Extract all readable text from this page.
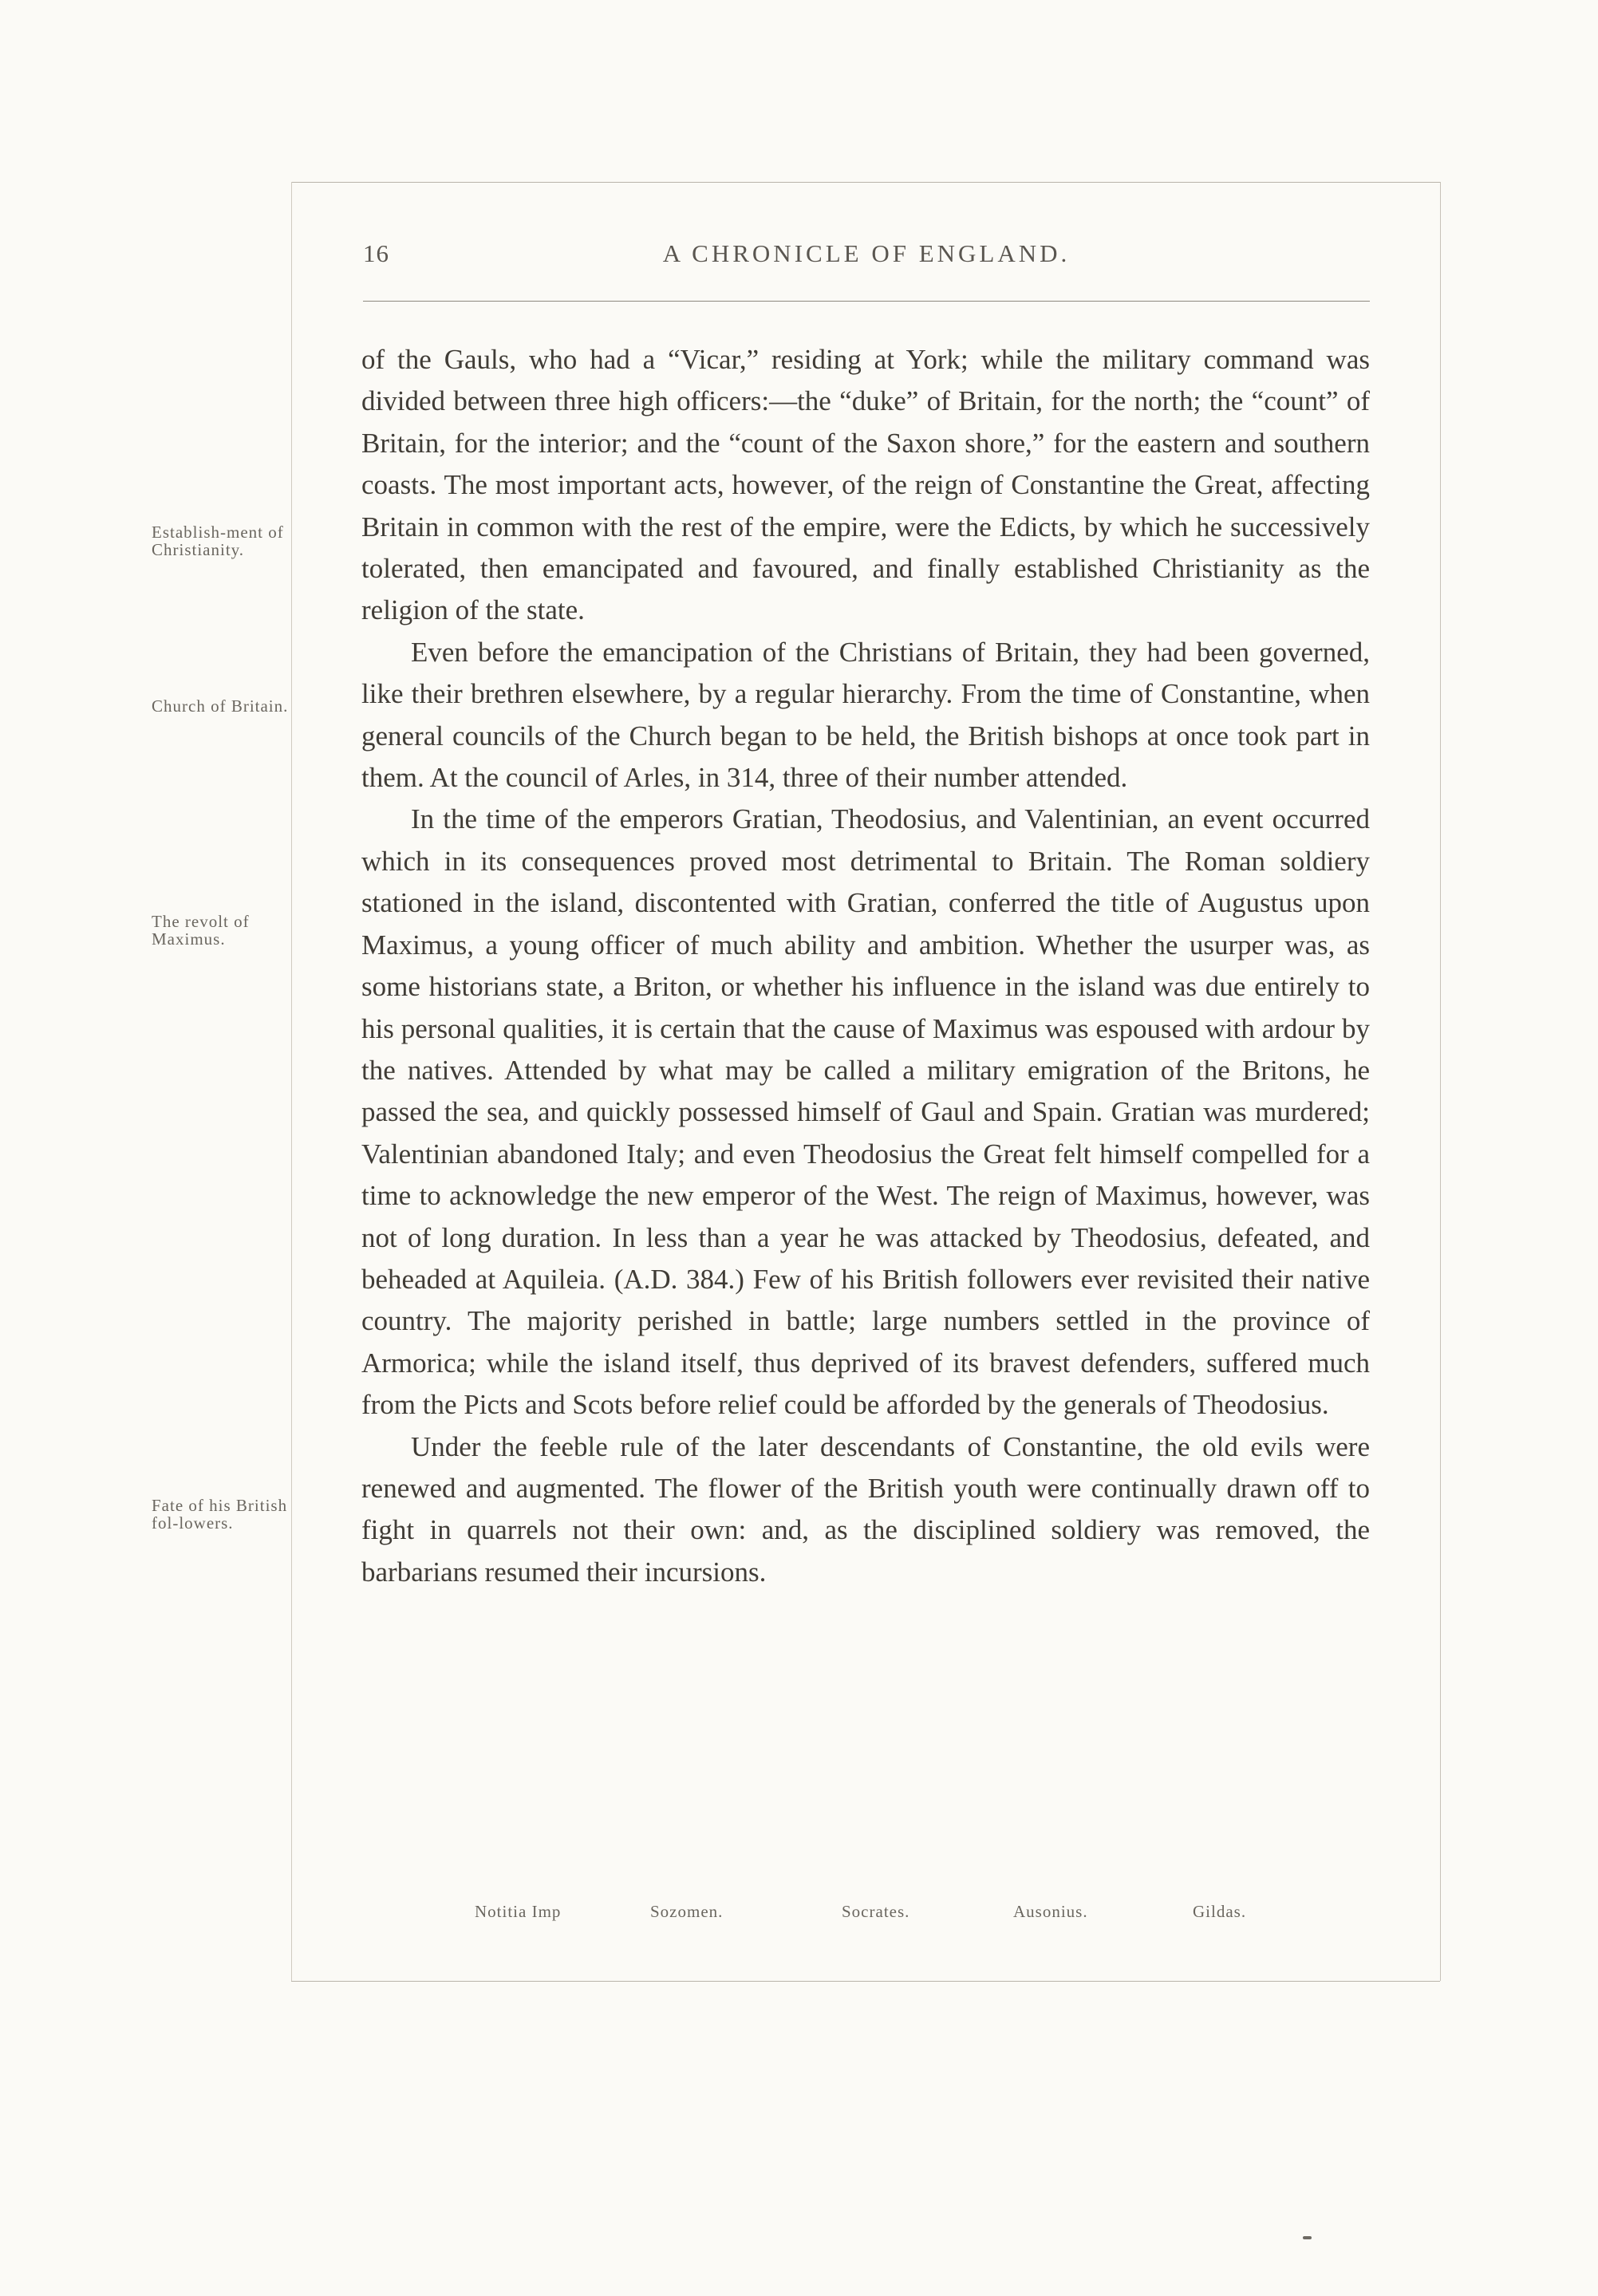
16	A CHRONICLE OF ENGLAND.
Establish-ment of Christianity.
Church of Britain.
The revolt of Maximus.
Fate of his British fol-lowers.

of the Gauls, who had a “Vicar,” residing at York; while the military command was divided between three high officers:—the “duke” of Britain, for the north; the “count” of Britain, for the interior; and the “count of the Saxon shore,” for the eastern and southern coasts. The most important acts, however, of the reign of Constantine the Great, affecting Britain in common with the rest of the empire, were the Edicts, by which he successively tolerated, then emancipated and favoured, and finally established Christianity as the religion of the state.

Even before the emancipation of the Christians of Britain, they had been governed, like their brethren elsewhere, by a regular hierarchy. From the time of Constantine, when general councils of the Church began to be held, the British bishops at once took part in them. At the council of Arles, in 314, three of their number attended.

In the time of the emperors Gratian, Theodosius, and Valentinian, an event occurred which in its consequences proved most detrimental to Britain. The Roman soldiery stationed in the island, discontented with Gratian, conferred the title of Augustus upon Maximus, a young officer of much ability and ambition. Whether the usurper was, as some historians state, a Briton, or whether his influence in the island was due entirely to his personal qualities, it is certain that the cause of Maximus was espoused with ardour by the natives. Attended by what may be called a military emigration of the Britons, he passed the sea, and quickly possessed himself of Gaul and Spain. Gratian was murdered; Valentinian abandoned Italy; and even Theodosius the Great felt himself compelled for a time to acknowledge the new emperor of the West. The reign of Maximus, however, was not of long duration. In less than a year he was attacked by Theodosius, defeated, and beheaded at Aquileia. (A.D. 384.) Few of his British followers ever revisited their native country. The majority perished in battle; large numbers settled in the province of Armorica; while the island itself, thus deprived of its bravest defenders, suffered much from the Picts and Scots before relief could be afforded by the generals of Theodosius.

Under the feeble rule of the later descendants of Constantine, the old evils were renewed and augmented. The flower of the British youth were continually drawn off to fight in quarrels not their own: and, as the disciplined soldiery was removed, the barbarians resumed their incursions.

Notitia Imp	Sozomen.	Socrates.	Ausonius.	Gildas.
